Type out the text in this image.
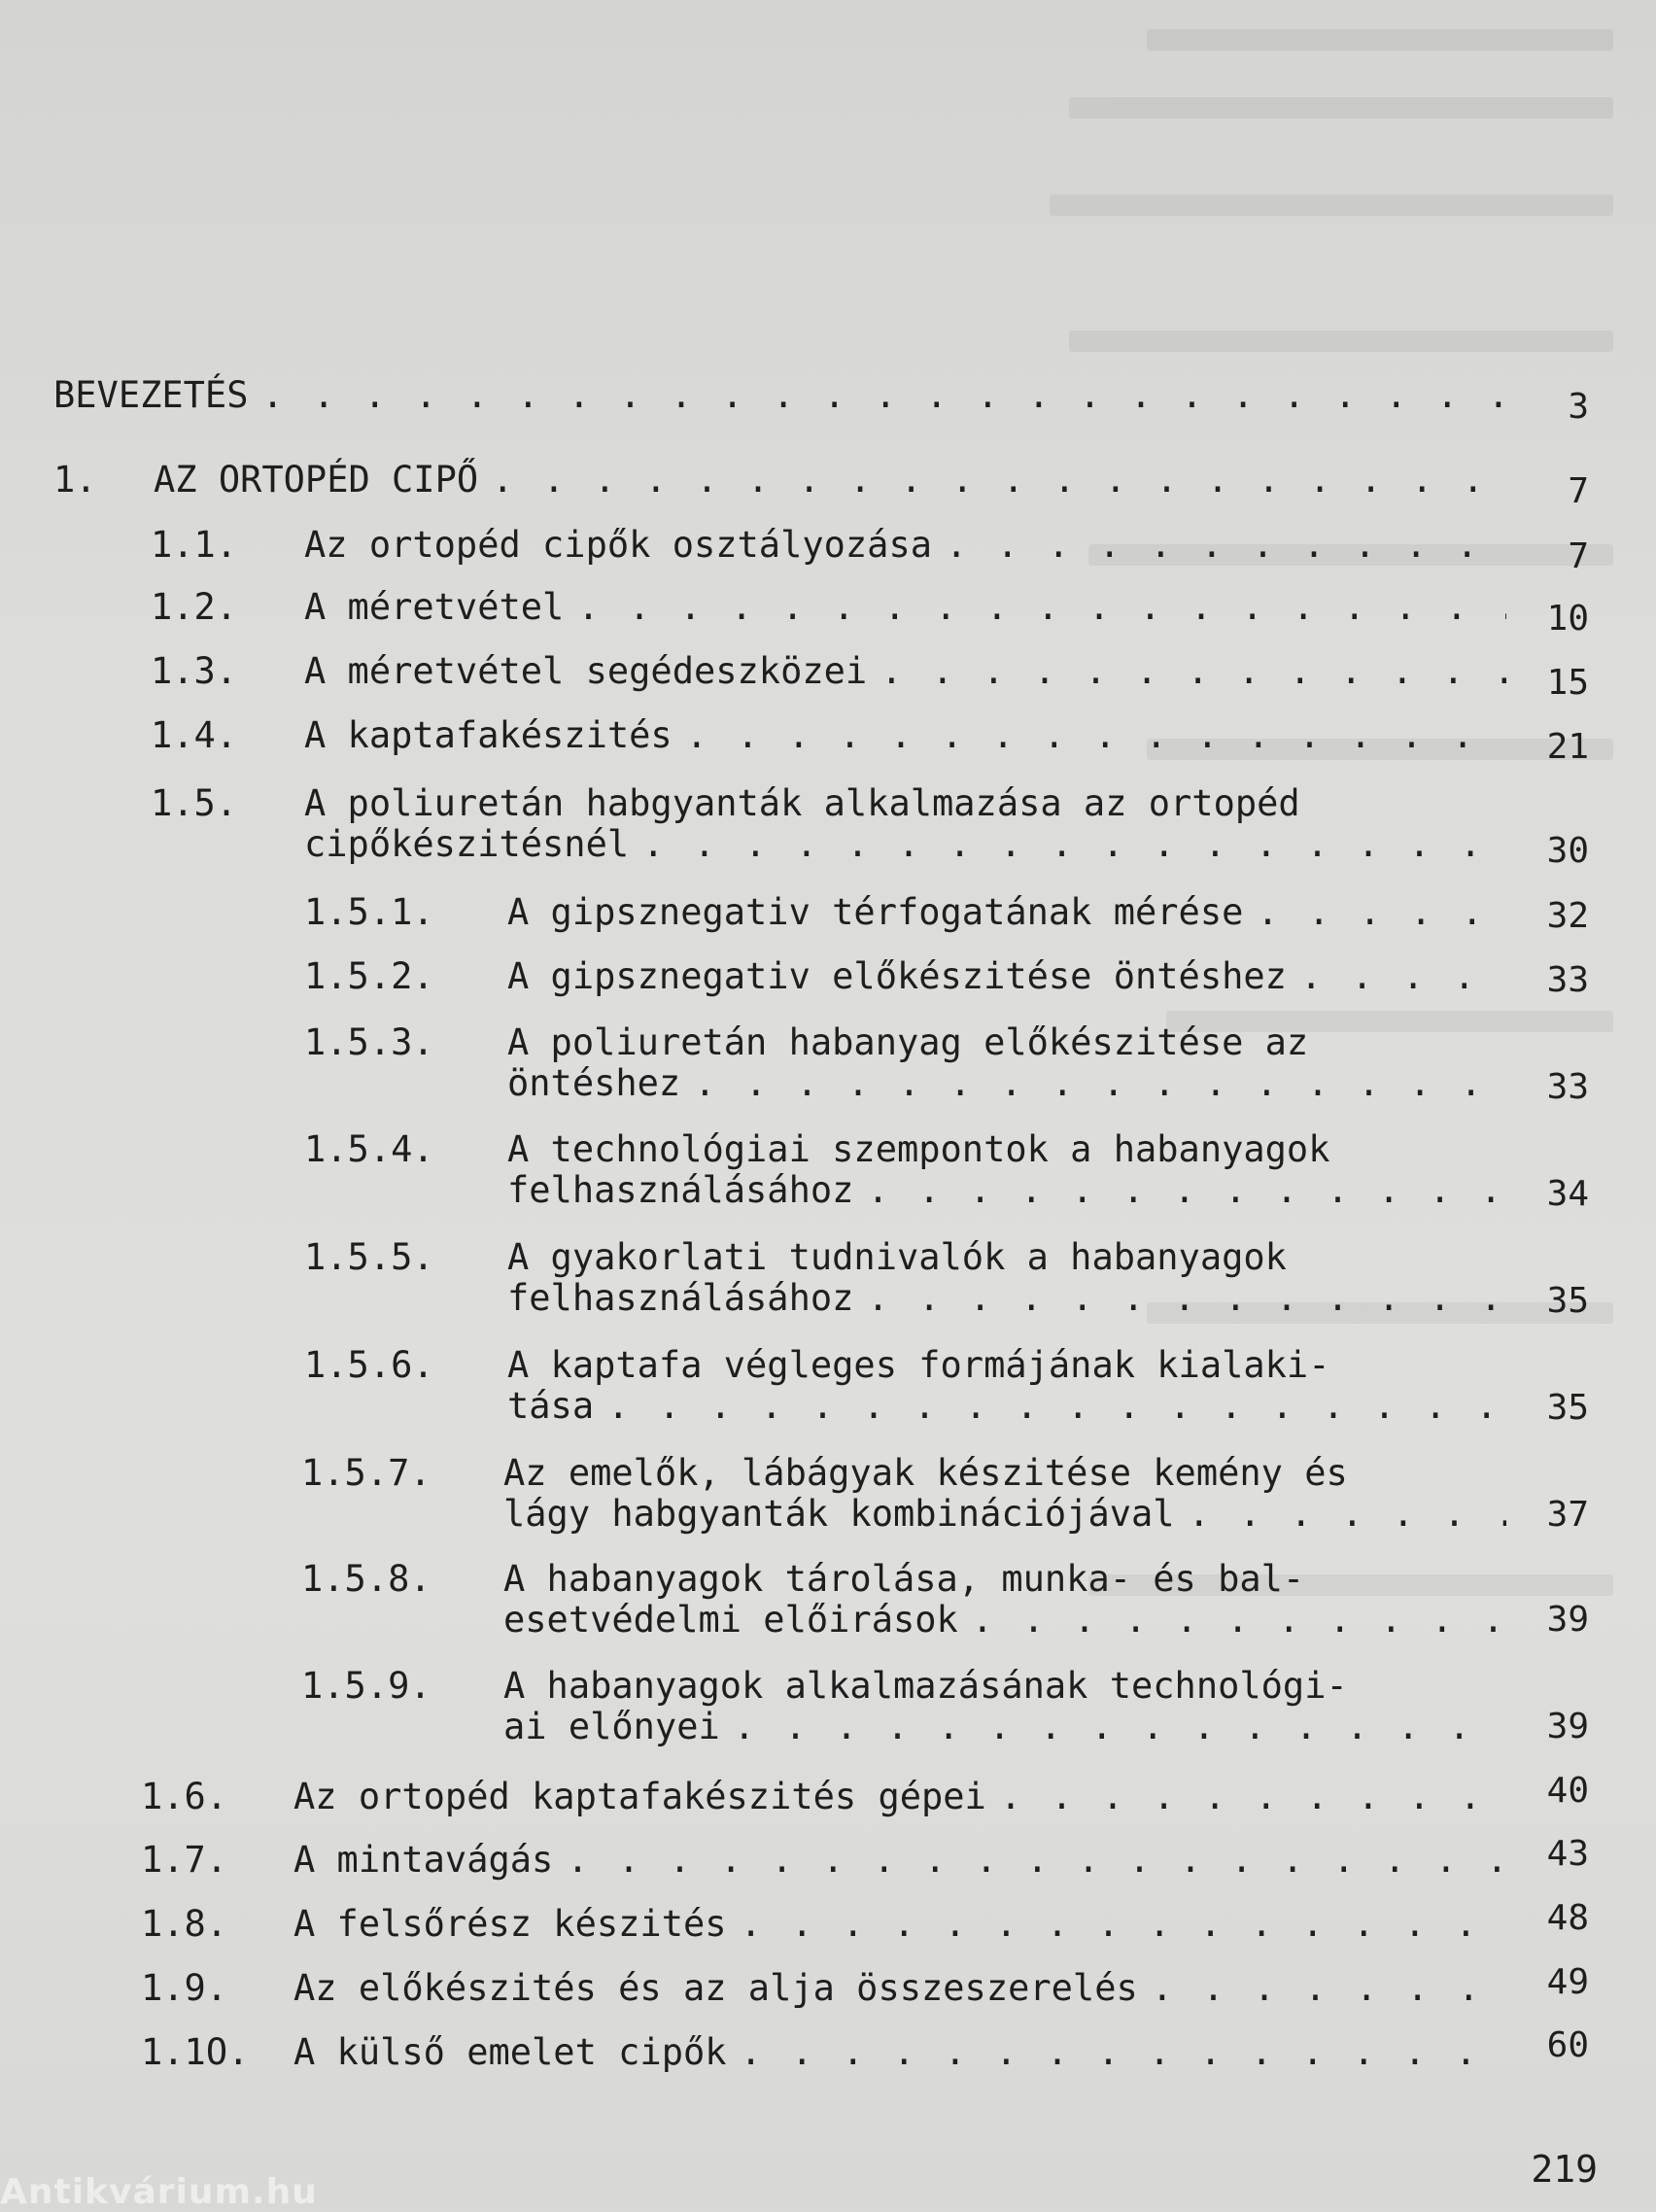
BEVEZETÉS . . .	3
1. AZ ORTOPÉD CIPŐ . . .	7
1.1. Az ortopéd cipők osztályozása . . .	7
1.2. A méretvétel . . .	10
1.3. A méretvétel segédeszközei . . .	15
1.4. A kaptafakészités . . .	21
1.5. A poliuretán habgyanták alkalmazása az ortopéd
cipőkészitésnél . . .	30
1.5.1. A gipsznegativ térfogatának mérése . . .	32
1.5.2. A gipsznegativ előkészitése öntéshez . . .	33
1.5.3. A poliuretán habanyag előkészitése az
öntéshez . . .	33
1.5.4. A technológiai szempontok a habanyagok
felhasználásához . . .	34
1.5.5. A gyakorlati tudnivalók a habanyagok
felhasználásához . . .	35
1.5.6. A kaptafa végleges formájának kialaki-
tása . . .	35
1.5.7. Az emelők, lábágyak készitése kemény és
lágy habgyanták kombinációjával . . .	37
1.5.8. A habanyagok tárolása, munka- és bal-
esetvédelmi előirások . . .	39
1.5.9. A habanyagok alkalmazásának technológi-
ai előnyei . . .	39
1.6. Az ortopéd kaptafakészités gépei . . .	40
1.7. A mintavágás . . .	43
1.8. A felsőrész készités . . .	48
1.9. Az előkészités és az alja összeszerelés . . .	49
1.1O. A külső emelet cipők . . .	60
219
Antikvárium.hu
